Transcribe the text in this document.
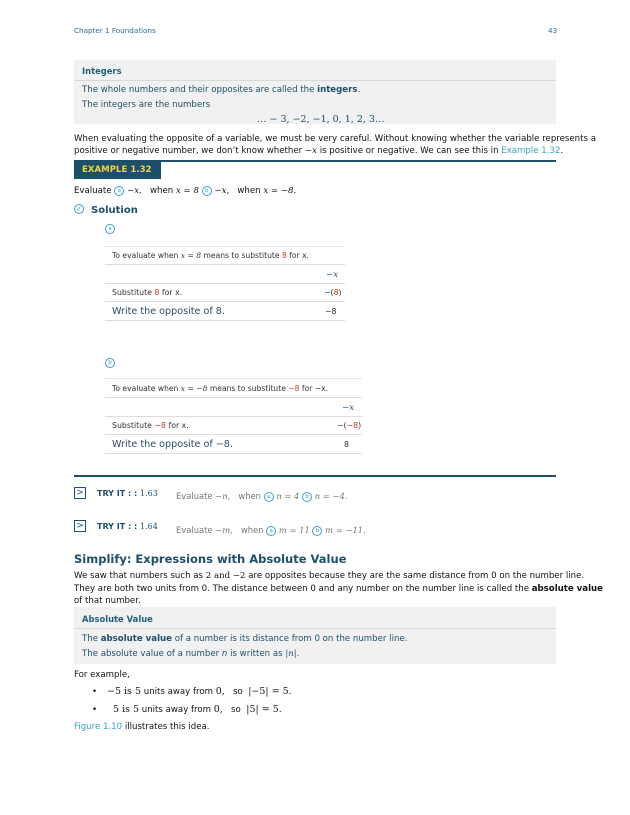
Chapter 1 Foundations	43
Integers
The whole numbers and their opposites are called the integers.
The integers are the numbers
… − 3, −2, −1, 0, 1, 2, 3…
When evaluating the opposite of a variable, we must be very careful. Without knowing whether the variable represents a
positive or negative number, we don’t know whether −x is positive or negative. We can see this in Example 1.32.
EXAMPLE 1.32
Evaluate a −x, when x = 8 b −x, when x = −8.
✓ Solution
a
To evaluate when x = 8 means to substitute 8 for x.
−x
Substitute 8 for x.	−(8)
Write the opposite of 8.	−8
b
To evaluate when x = −8 means to substitute −8 for −x.
−x
Substitute −8 for x.	−(−8)
Write the opposite of −8.	8
> TRY IT : : 1.63 Evaluate −n, when a n = 4 b n = −4.
> TRY IT : : 1.64 Evaluate −m, when a m = 11 b m = −11.
Simplify: Expressions with Absolute Value
We saw that numbers such as 2 and −2 are opposites because they are the same distance from 0 on the number line.
They are both two units from 0. The distance between 0 and any number on the number line is called the absolute value
of that number.
Absolute Value
The absolute value of a number is its distance from 0 on the number line.
The absolute value of a number n is written as |n|.
For example,
• −5 is 5 units away from 0, so |−5| = 5.
• 5 is 5 units away from 0, so |5| = 5.
Figure 1.10 illustrates this idea.
